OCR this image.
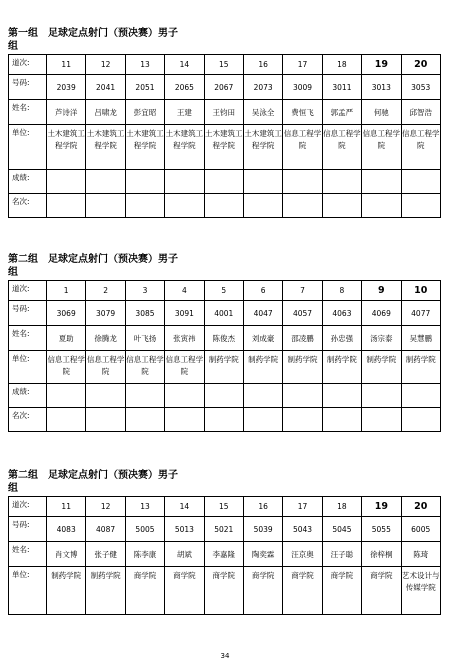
第一组　足球定点射门（预决赛）男子组
道次:	11	12	13	14	15	16	17	18	19	20
号码:	2039	2041	2051	2065	2067	2073	3009	3011	3013	3053
姓名:	芦诗洋	吕啸龙	彭宜昭	王建	王钧田	吴泳全	费恒飞	郭孟严	何驰	邱智浩
单位:	土木建筑工程学院	土木建筑工程学院	土木建筑工程学院	土木建筑工程学院	土木建筑工程学院	土木建筑工程学院	信息工程学院	信息工程学院	信息工程学院	信息工程学院
成绩:										
名次:										
第二组　足球定点射门（预决赛）男子组
道次:	1	2	3	4	5	6	7	8	9	10
号码:	3069	3079	3085	3091	4001	4047	4057	4063	4069	4077
姓名:	夏助	徐腾龙	叶飞扬	张寅祎	陈俊杰	刘成豪	邵凌鹏	孙忠强	汤宗泰	吴慧鹏
单位:	信息工程学院	信息工程学院	信息工程学院	信息工程学院	制药学院	制药学院	制药学院	制药学院	制药学院	制药学院
成绩:										
名次:										
第二组　足球定点射门（预决赛）男子组
道次:	11	12	13	14	15	16	17	18	19	20
号码:	4083	4087	5005	5013	5021	5039	5043	5045	5055	6005
姓名:	肖文博	张子健	陈李康	胡斌	李嘉隆	陶奕霖	汪京奥	汪子聪	徐梓桐	陈琦
单位:	制药学院	制药学院	商学院	商学院	商学院	商学院	商学院	商学院	商学院	艺术设计与传媒学院
34
